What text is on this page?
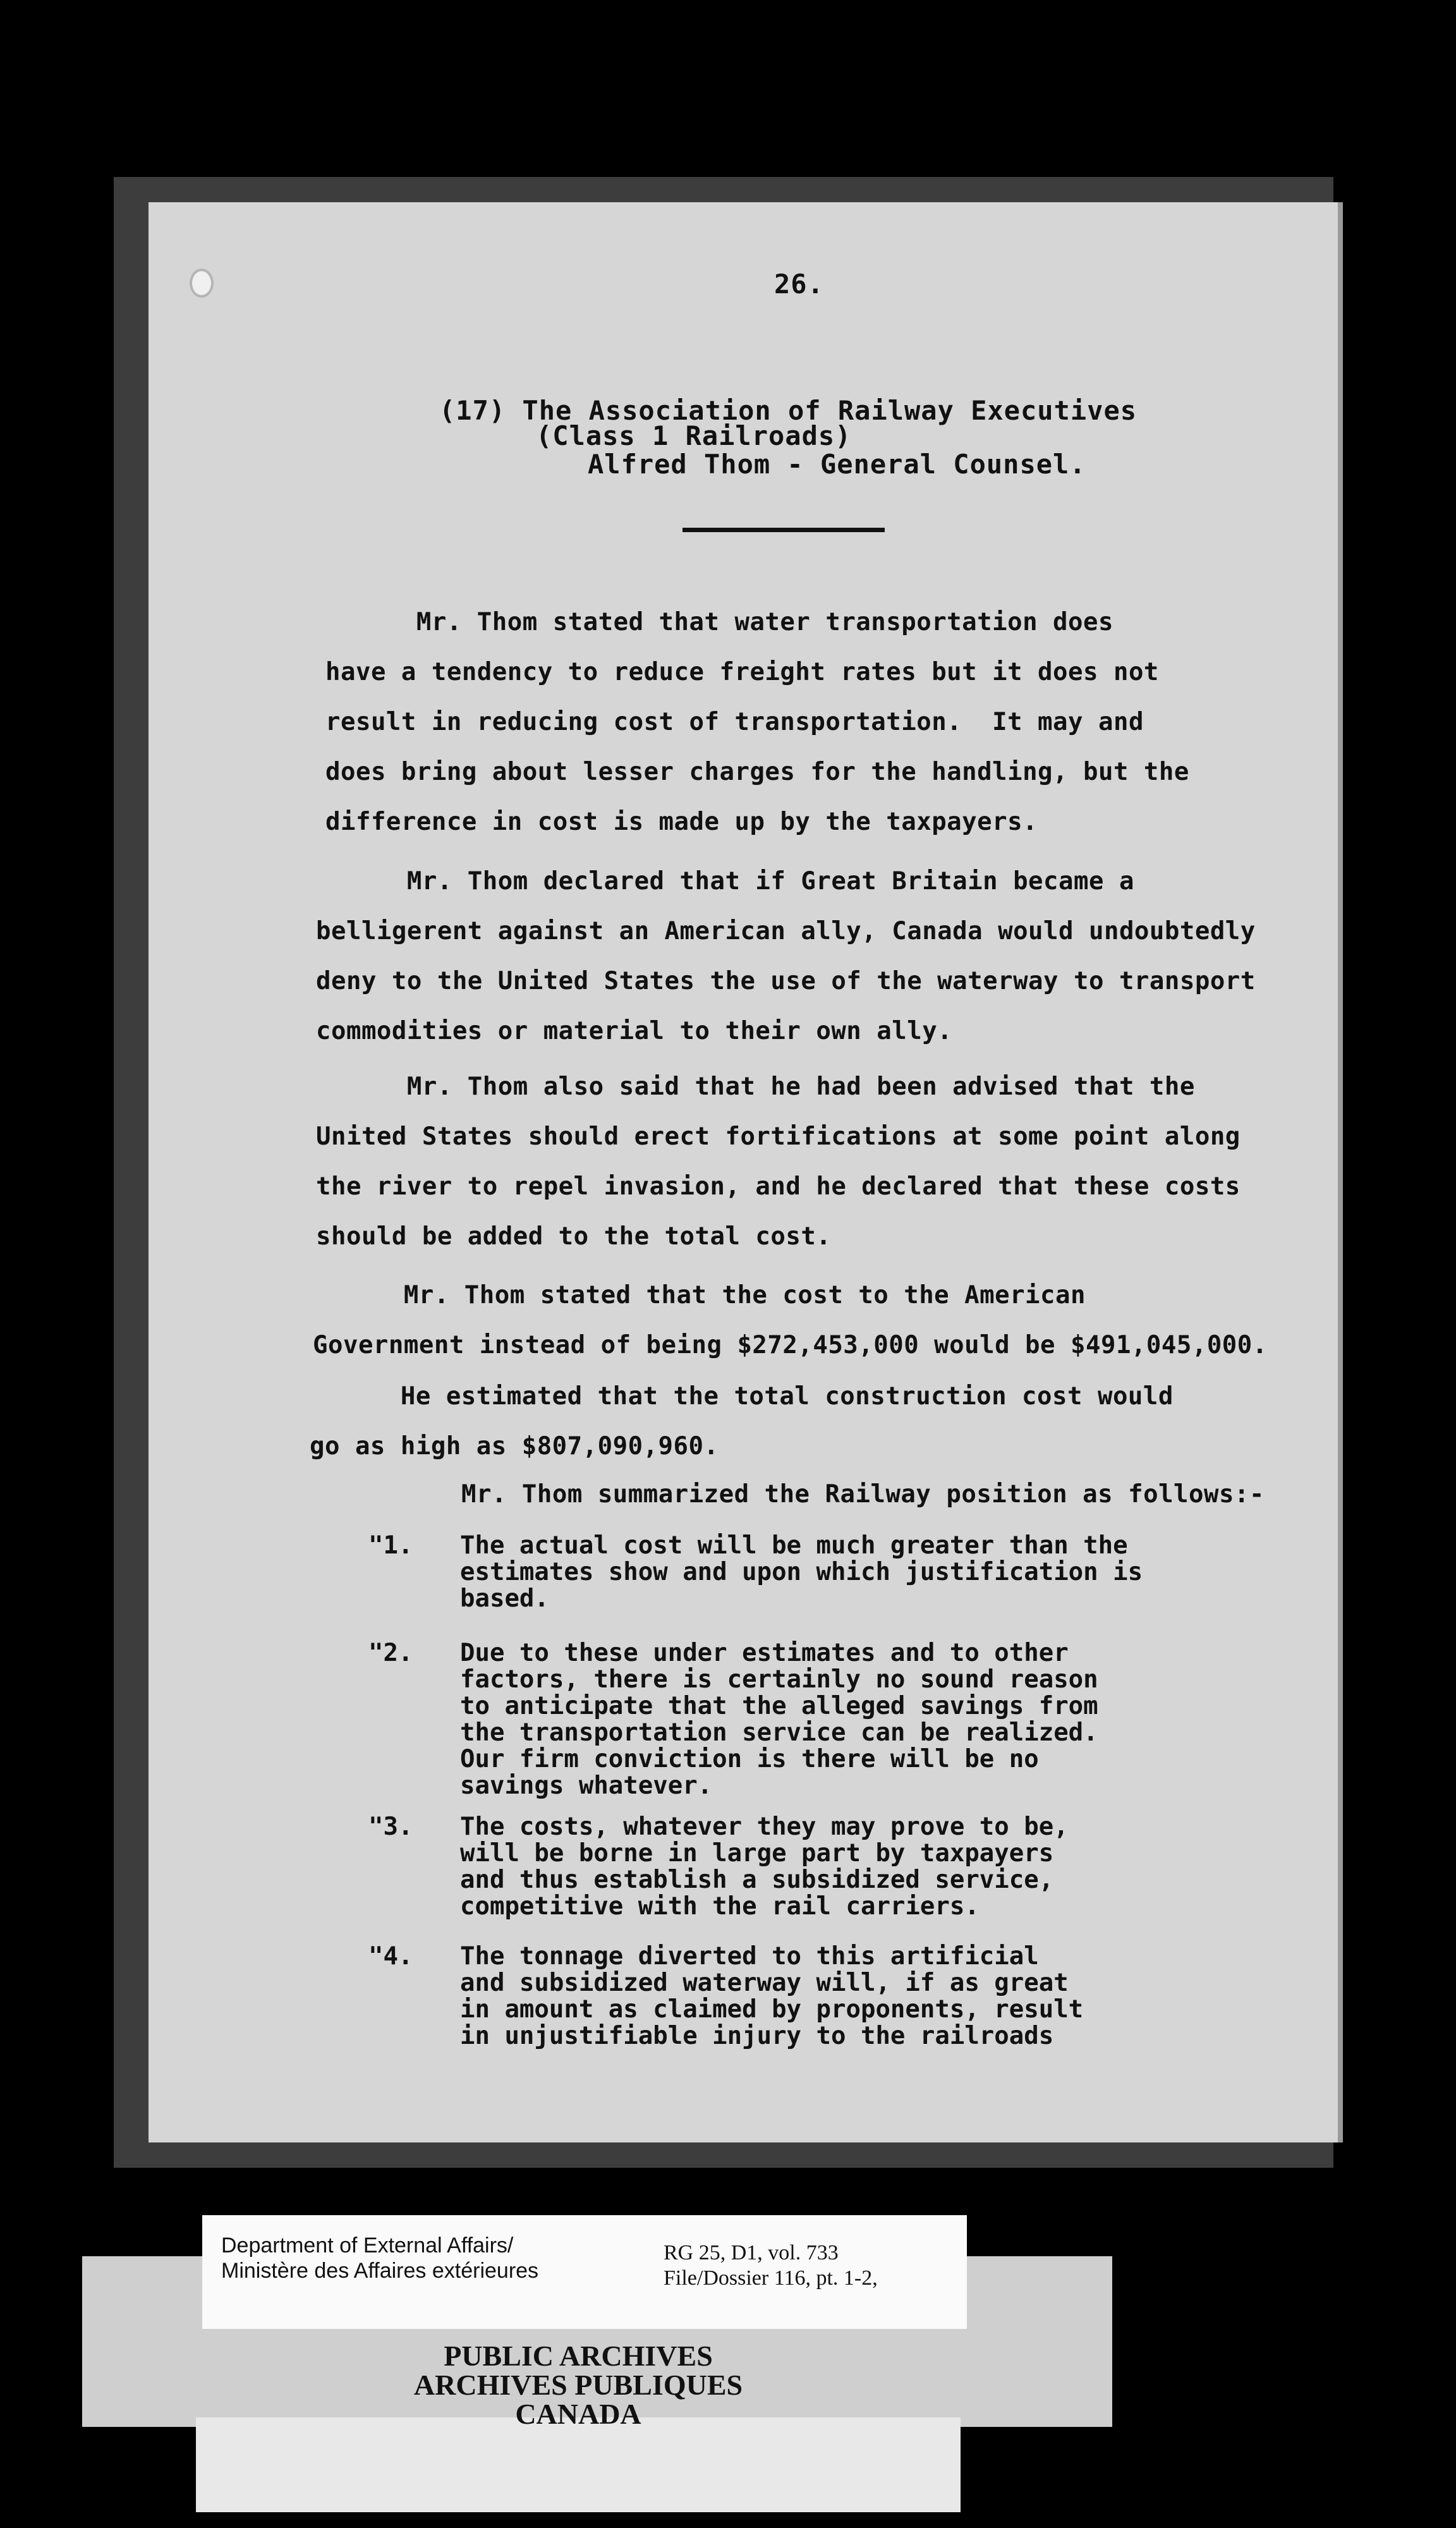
26.
(17) The Association of Railway Executives
(Class 1 Railroads)
Alfred Thom - General Counsel.
Mr. Thom stated that water transportation does
have a tendency to reduce freight rates but it does not
result in reducing cost of transportation.  It may and
does bring about lesser charges for the handling, but the
difference in cost is made up by the taxpayers.
Mr. Thom declared that if Great Britain became a
belligerent against an American ally, Canada would undoubtedly
deny to the United States the use of the waterway to transport
commodities or material to their own ally.
Mr. Thom also said that he had been advised that the
United States should erect fortifications at some point along
the river to repel invasion, and he declared that these costs
should be added to the total cost.
Mr. Thom stated that the cost to the American
Government instead of being $272,453,000 would be $491,045,000.
He estimated that the total construction cost would
go as high as $807,090,960.
Mr. Thom summarized the Railway position as follows:-
"1. The actual cost will be much greater than the
estimates show and upon which justification is
based.
"2. Due to these under estimates and to other
factors, there is certainly no sound reason
to anticipate that the alleged savings from
the transportation service can be realized.
Our firm conviction is there will be no
savings whatever.
"3. The costs, whatever they may prove to be,
will be borne in large part by taxpayers
and thus establish a subsidized service,
competitive with the rail carriers.
"4. The tonnage diverted to this artificial
and subsidized waterway will, if as great
in amount as claimed by proponents, result
in unjustifiable injury to the railroads
Department of External Affairs/
Ministère des Affaires extérieures
RG 25, D1, vol. 733
File/Dossier 116, pt. 1-2,
PUBLIC ARCHIVES
ARCHIVES PUBLIQUES
CANADA
